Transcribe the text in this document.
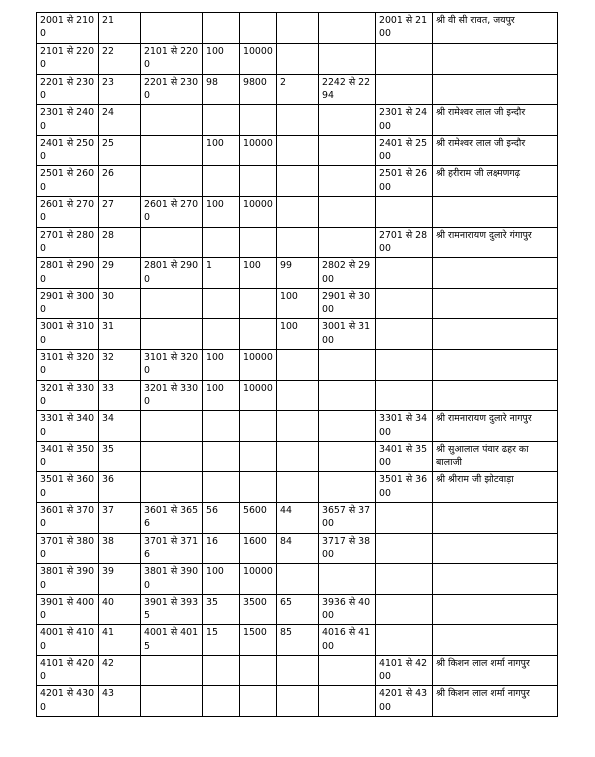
2001 से 2100	21						2001 से 2100	श्री वी सी रावत, जयपुर
2101 से 2200	22	2101 से 2200	100	10000				
2201 से 2300	23	2201 से 2300	98	9800	2	2242 से 2294		
2301 से 2400	24						2301 से 2400	श्री रामेश्वर लाल जी इन्दौर
2401 से 2500	25		100	10000			2401 से 2500	श्री रामेश्वर लाल जी इन्दौर
2501 से 2600	26						2501 से 2600	श्री हरीराम जी लक्ष्मणगढ़
2601 से 2700	27	2601 से 2700	100	10000				
2701 से 2800	28						2701 से 2800	श्री रामनारायण दुलारे गंगापुर
2801 से 2900	29	2801 से 2900	1	100	99	2802 से 2900		
2901 से 3000	30				100	2901 से 3000		
3001 से 3100	31				100	3001 से 3100		
3101 से 3200	32	3101 से 3200	100	10000				
3201 से 3300	33	3201 से 3300	100	10000				
3301 से 3400	34						3301 से 3400	श्री रामनारायण दुलारे नागपुर
3401 से 3500	35						3401 से 3500	श्री सुआलाल पंवार ढहर का बालाजी
3501 से 3600	36						3501 से 3600	श्री श्रीराम जी झोटवाड़ा
3601 से 3700	37	3601 से 3656	56	5600	44	3657 से 3700		
3701 से 3800	38	3701 से 3716	16	1600	84	3717 से 3800		
3801 से 3900	39	3801 से 3900	100	10000				
3901 से 4000	40	3901 से 3935	35	3500	65	3936 से 4000		
4001 से 4100	41	4001 से 4015	15	1500	85	4016 से 4100		
4101 से 4200	42						4101 से 4200	श्री किशन लाल शर्मा नागपुर
4201 से 4300	43						4201 से 4300	श्री किशन लाल शर्मा नागपुर
